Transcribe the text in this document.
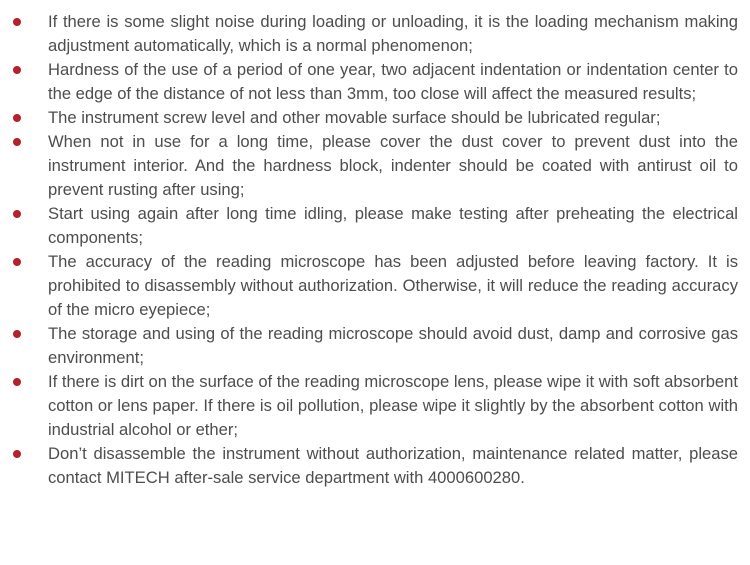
If there is some slight noise during loading or unloading, it is the loading mechanism making adjustment automatically, which is a normal phenomenon;
Hardness of the use of a period of one year, two adjacent indentation or indentation center to the edge of the distance of not less than 3mm, too close will affect the measured results;
The instrument screw level and other movable surface should be lubricated regular;
When not in use for a long time, please cover the dust cover to prevent dust into the instrument interior. And the hardness block, indenter should be coated with antirust oil to prevent rusting after using;
Start using again after long time idling, please make testing after preheating the electrical components;
The accuracy of the reading microscope has been adjusted before leaving factory. It is prohibited to disassembly without authorization. Otherwise, it will reduce the reading accuracy of the micro eyepiece;
The storage and using of the reading microscope should avoid dust, damp and corrosive gas environment;
If there is dirt on the surface of the reading microscope lens, please wipe it with soft absorbent cotton or lens paper. If there is oil pollution, please wipe it slightly by the absorbent cotton with industrial alcohol or ether;
Don’t disassemble the instrument without authorization, maintenance related matter, please contact MITECH after-sale service department with 4000600280.
